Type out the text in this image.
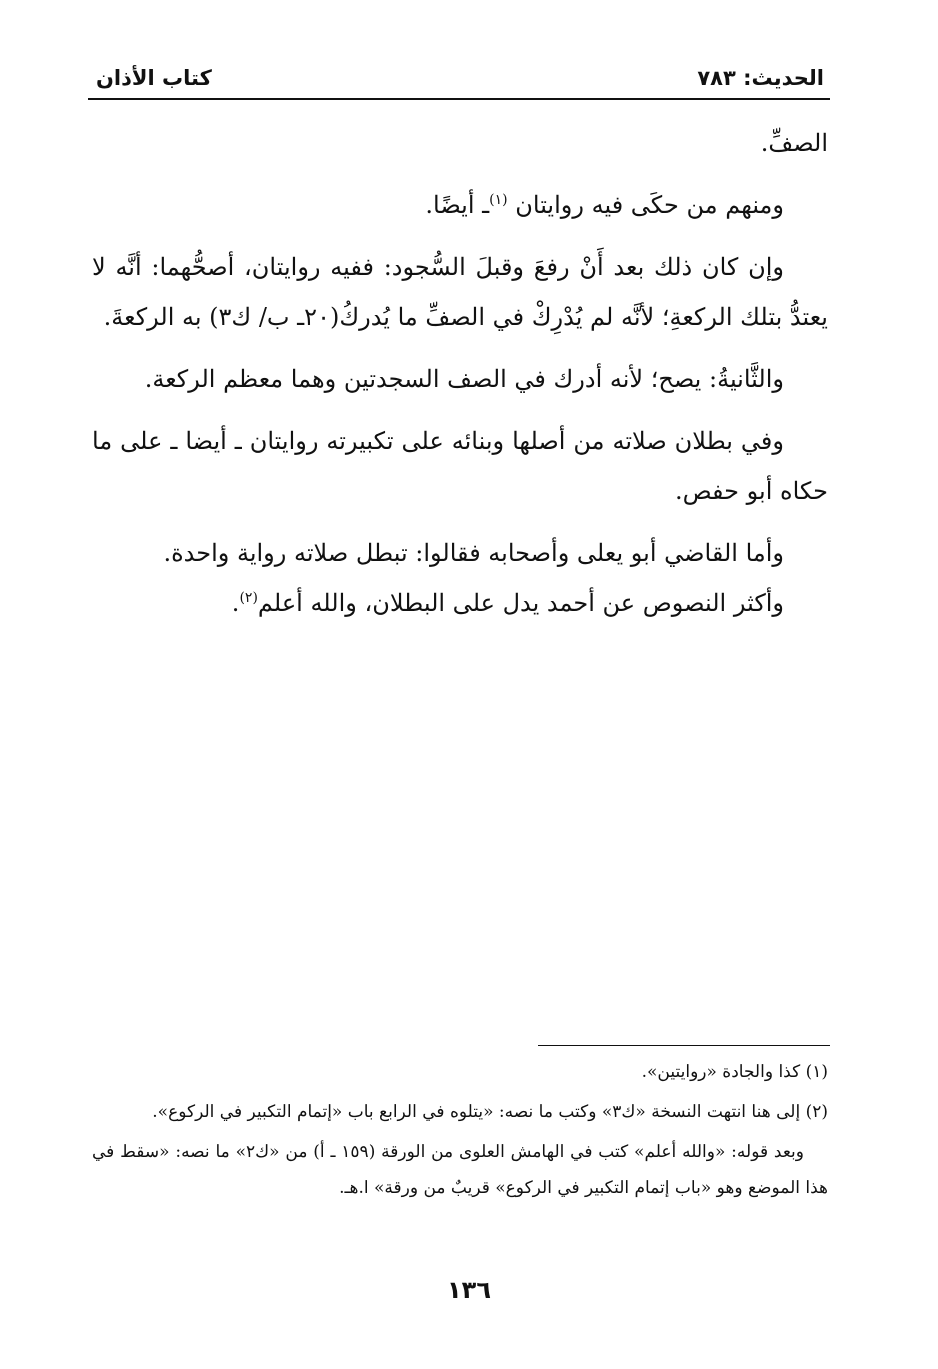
الحديث: ٧٨٣
كتاب الأذان

الصفِّ.

ومنهم من حكَى فيه روايتان $^{(١)}$ـ أيضًا.

وإن كان ذلك بعد أَنْ رفعَ وقبلَ السُّجود: ففيه روايتان، أصحُّهما: أنَّه لا يعتدُّ بتلك الركعةِ؛ لأنَّه لم يُدْرِكْ في الصفِّ ما يُدركُ(٢٠ـ ب/ ك٣) به الركعةَ.

والثَّانيةُ: يصح؛ لأنه أدرك في الصف السجدتين وهما معظم الركعة.

وفي بطلان صلاته من أصلها وبنائه على تكبيرته روايتان ـ أيضا ـ على ما حكاه أبو حفص.

وأما القاضي أبو يعلى وأصحابه فقالوا: تبطل صلاته رواية واحدة.

وأكثر النصوص عن أحمد يدل على البطلان، والله أعلم$^{(٢)}$.

(١) كذا والجادة «روايتين».

(٢) إلى هنا انتهت النسخة «ك٣» وكتب ما نصه: «يتلوه في الرابع باب «إتمام التكبير في الركوع».

وبعد قوله: «والله أعلم» كتب في الهامش العلوى من الورقة (١٥٩ ـ أ) من «ك٢» ما نصه: «سقط في هذا الموضع وهو «باب إتمام التكبير في الركوع» قريبٌ من ورقة» ا.هـ.

١٣٦
